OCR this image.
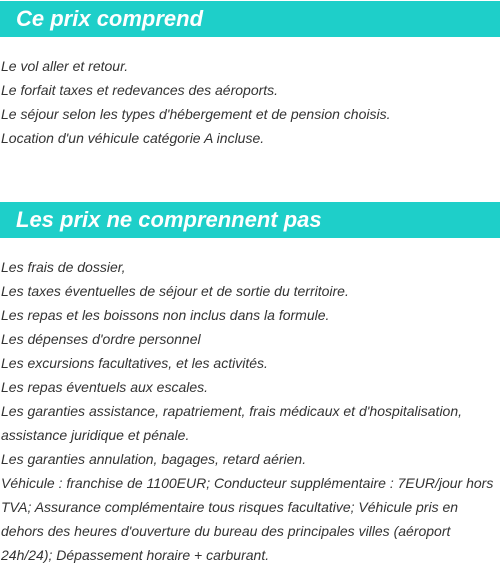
Ce prix comprend
Le vol aller et retour.
Le forfait taxes et redevances des aéroports.
Le séjour selon les types d'hébergement et de pension choisis.
Location d'un véhicule catégorie A incluse.
Les prix ne comprennent pas
Les frais de dossier,
Les taxes éventuelles de séjour et de sortie du territoire.
Les repas et les boissons non inclus dans la formule.
Les dépenses d'ordre personnel
Les excursions facultatives, et les activités.
Les repas éventuels aux escales.
Les garanties assistance, rapatriement, frais médicaux et d'hospitalisation, assistance juridique et pénale.
Les garanties annulation, bagages, retard aérien.
Véhicule : franchise de 1100EUR; Conducteur supplémentaire : 7EUR/jour hors TVA; Assurance complémentaire tous risques facultative; Véhicule pris en dehors des heures d'ouverture du bureau des principales villes (aéroport 24h/24); Dépassement horaire + carburant.
